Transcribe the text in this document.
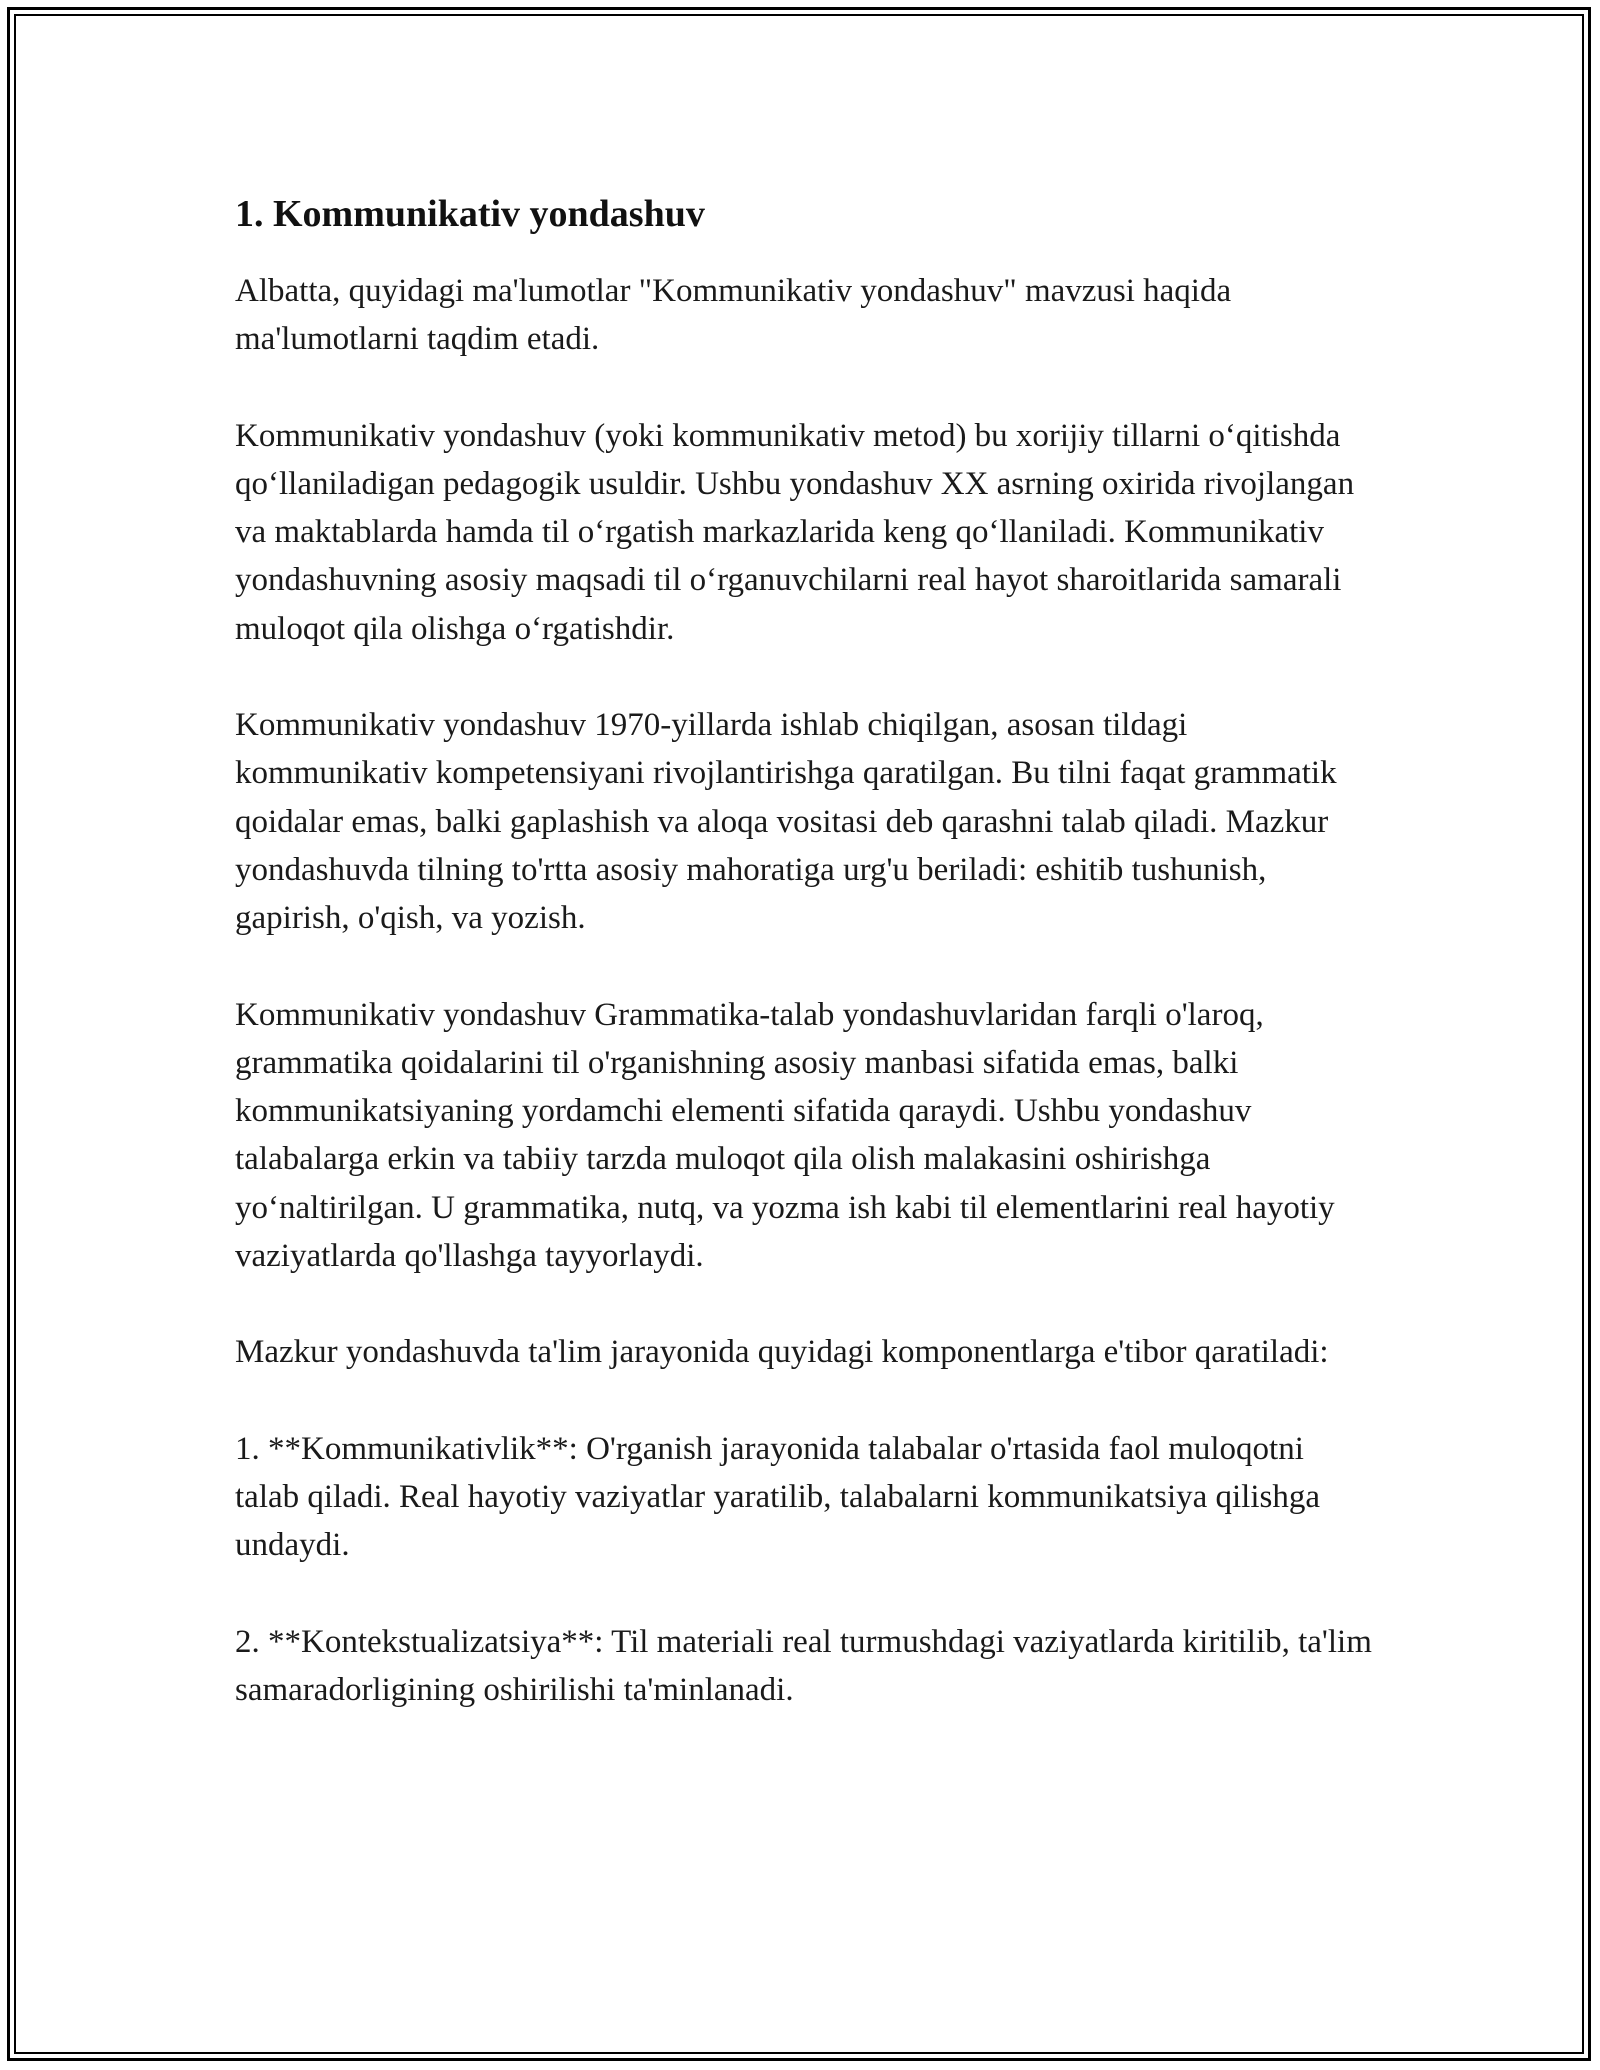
1. Kommunikativ yondashuv

Albatta, quyidagi ma'lumotlar "Kommunikativ yondashuv" mavzusi haqida ma'lumotlarni taqdim etadi.

Kommunikativ yondashuv (yoki kommunikativ metod) bu xorijiy tillarni o‘qitishda qo‘llaniladigan pedagogik usuldir. Ushbu yondashuv XX asrning oxirida rivojlangan va maktablarda hamda til o‘rgatish markazlarida keng qo‘llaniladi. Kommunikativ yondashuvning asosiy maqsadi til o‘rganuvchilarni real hayot sharoitlarida samarali muloqot qila olishga o‘rgatishdir.

Kommunikativ yondashuv 1970-yillarda ishlab chiqilgan, asosan tildagi kommunikativ kompetensiyani rivojlantirishga qaratilgan. Bu tilni faqat grammatik qoidalar emas, balki gaplashish va aloqa vositasi deb qarashni talab qiladi. Mazkur yondashuvda tilning to'rtta asosiy mahoratiga urg'u beriladi: eshitib tushunish, gapirish, o'qish, va yozish.

Kommunikativ yondashuv Grammatika-talab yondashuvlaridan farqli o'laroq, grammatika qoidalarini til o'rganishning asosiy manbasi sifatida emas, balki kommunikatsiyaning yordamchi elementi sifatida qaraydi. Ushbu yondashuv talabalarga erkin va tabiiy tarzda muloqot qila olish malakasini oshirishga yo‘naltirilgan. U grammatika, nutq, va yozma ish kabi til elementlarini real hayotiy vaziyatlarda qo'llashga tayyorlaydi.

Mazkur yondashuvda ta'lim jarayonida quyidagi komponentlarga e'tibor qaratiladi:

1. **Kommunikativlik**: O'rganish jarayonida talabalar o'rtasida faol muloqotni talab qiladi. Real hayotiy vaziyatlar yaratilib, talabalarni kommunikatsiya qilishga undaydi.

2. **Kontekstualizatsiya**: Til materiali real turmushdagi vaziyatlarda kiritilib, ta'lim samaradorligining oshirilishi ta'minlanadi.
